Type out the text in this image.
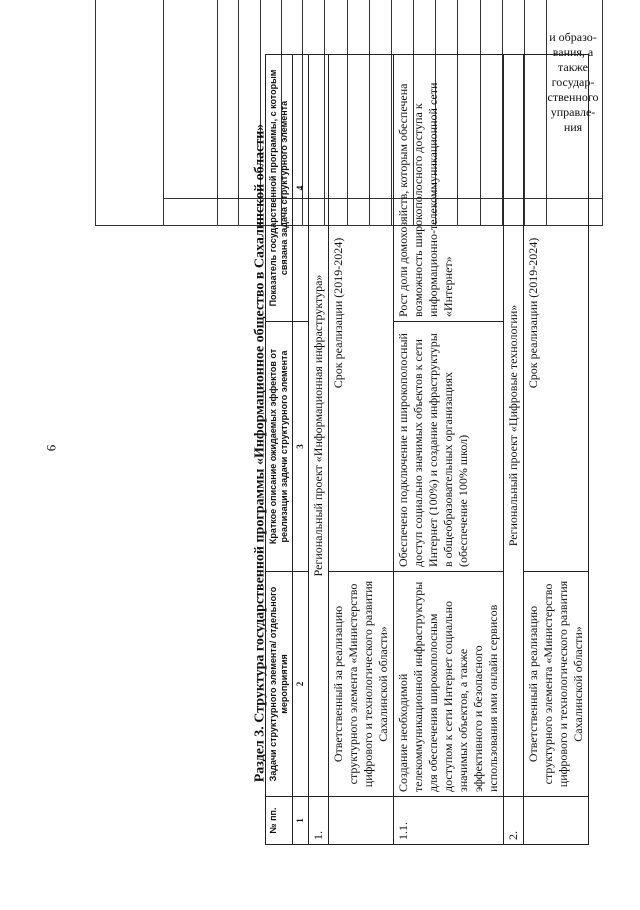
9
и образо-
вания, а
также
государ-
ственного
управле-
ния
Раздел 3. Структура государственной программы «Информационное общество в Сахалинской области»
№ пп.	Задачи структурного элемента/ отдельного мероприятия	Краткое описание ожидаемых эффектов от реализации задачи структурного элемента	Показатель государственной программы, с которым связана задача структурного элемента
1	2	3	4
1.	Региональный проект «Информационная инфраструктура»		
	Ответственный за реализацию структурного элемента «Министерство цифрового и технологического развития Сахалинской области»	Срок реализации (2019-2024)	
1.1.	Создание необходимой телекоммуникационной инфраструктуры для обеспечения широкополосным доступом к сети Интернет социально значимых объектов, а также эффективного и безопасного использования ими онлайн сервисов	Обеспечено подключение и широкополосный доступ социально значимых объектов к сети Интернет (100%) и создание инфраструктуры в общеобразовательных организациях (обеспечение 100% школ)	Рост доли домохозяйств, которым обеспечена возможность широкополосного доступа к информационно-телекоммуникационной сети «Интернет»
2.	Региональный проект «Цифровые технологии»		
	Ответственный за реализацию структурного элемента «Министерство цифрового и технологического развития Сахалинской области»	Срок реализации (2019-2024)	
